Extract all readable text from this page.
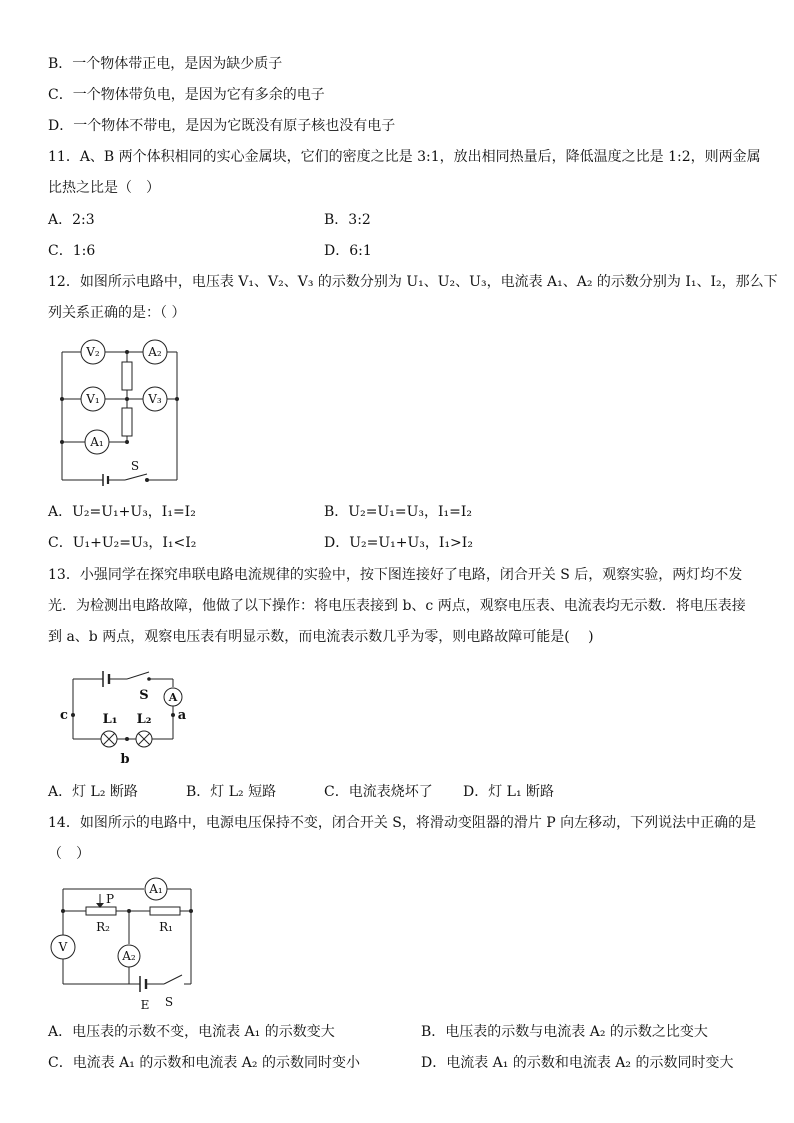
B．一个物体带正电，是因为缺少质子
C．一个物体带负电，是因为它有多余的电子
D．一个物体不带电，是因为它既没有原子核也没有电子
11．A、B 两个体积相同的实心金属块，它们的密度之比是 3:1，放出相同热量后，降低温度之比是 1:2，则两金属
比热之比是（　）
A．2:3	B．3:2
C．1:6	D．6:1
12．如图所示电路中，电压表 V₁、V₂、V₃ 的示数分别为 U₁、U₂、U₃，电流表 A₁、A₂ 的示数分别为 I₁、I₂，那么下
列关系正确的是：（ ）
V₂	A₂
V₁	V₃
A₁
S
A．U₂=U₁+U₃，I₁=I₂	B．U₂=U₁=U₃，I₁=I₂
C．U₁+U₂=U₃，I₁<I₂	D．U₂=U₁+U₃，I₁>I₂
13．小强同学在探究串联电路电流规律的实验中，按下图连接好了电路，闭合开关 S 后，观察实验，两灯均不发
光．为检测出电路故障，他做了以下操作：将电压表接到 b、c 两点，观察电压表、电流表均无示数．将电压表接
到 a、b 两点，观察电压表有明显示数，而电流表示数几乎为零，则电路故障可能是(　 )
S A
a
c	L₁ L₂
b
A．灯 L₂ 断路	B．灯 L₂ 短路	C．电流表烧坏了 D．灯 L₁ 断路
14．如图所示的电路中，电源电压保持不变，闭合开关 S，将滑动变阻器的滑片 P 向左移动，下列说法中正确的是
（　）
A₁
A₂
V
P
R₂	R₁
E S
A．电压表的示数不变，电流表 A₁ 的示数变大	B．电压表的示数与电流表 A₂ 的示数之比变大
C．电流表 A₁ 的示数和电流表 A₂ 的示数同时变小	D．电流表 A₁ 的示数和电流表 A₂ 的示数同时变大
